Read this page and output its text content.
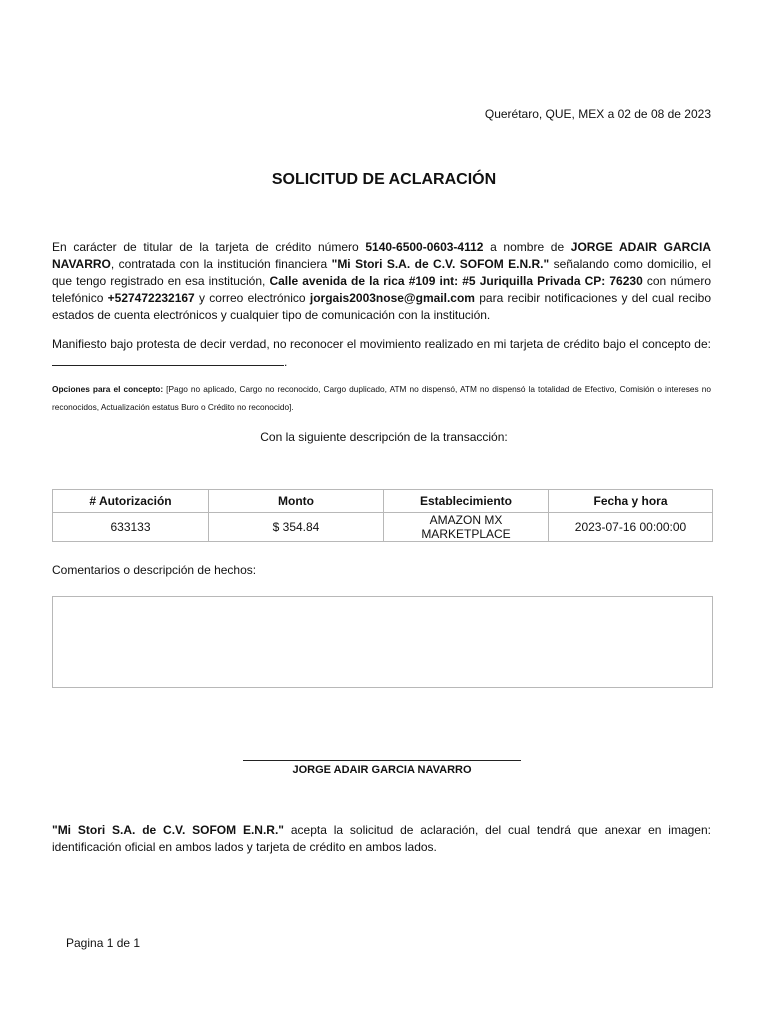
Querétaro, QUE, MEX a 02 de 08 de 2023
SOLICITUD DE ACLARACIÓN
En carácter de titular de la tarjeta de crédito número 5140-6500-0603-4112 a nombre de JORGE ADAIR GARCIA NAVARRO, contratada con la institución financiera "Mi Stori S.A. de C.V. SOFOM E.N.R." señalando como domicilio, el que tengo registrado en esa institución, Calle avenida de la rica #109 int: #5 Juriquilla Privada CP: 76230 con número telefónico +527472232167 y correo electrónico jorgais2003nose@gmail.com para recibir notificaciones y del cual recibo estados de cuenta electrónicos y cualquier tipo de comunicación con la institución.
Manifiesto bajo protesta de decir verdad, no reconocer el movimiento realizado en mi tarjeta de crédito bajo el concepto de: .
Opciones para el concepto: [Pago no aplicado, Cargo no reconocido, Cargo duplicado, ATM no dispensó, ATM no dispensó la totalidad de Efectivo, Comisión o intereses no reconocidos, Actualización estatus Buro o Crédito no reconocido].
Con la siguiente descripción de la transacción:
# Autorización	Monto	Establecimiento	Fecha y hora
633133	$ 354.84	AMAZON MX MARKETPLACE	2023-07-16 00:00:00
Comentarios o descripción de hechos:
JORGE ADAIR GARCIA NAVARRO
"Mi Stori S.A. de C.V. SOFOM E.N.R." acepta la solicitud de aclaración, del cual tendrá que anexar en imagen: identificación oficial en ambos lados y tarjeta de crédito en ambos lados.
Pagina 1 de 1
